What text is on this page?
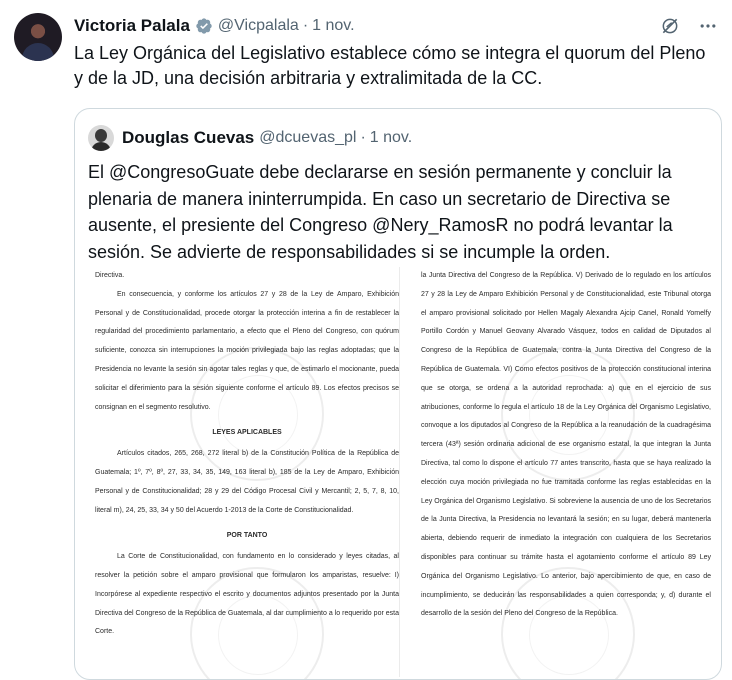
Victoria Palala @Vicpalala · 1 nov.
La Ley Orgánica del Legislativo establece cómo se integra el quorum del Pleno y de la JD, una decisión arbitraria y extralimitada de la CC.
Douglas Cuevas @dcuevas_pl · 1 nov.
El @CongresoGuate debe declararse en sesión permanente y concluir la plenaria de manera ininterrumpida. En caso un secretario de Directiva se ausente, el presiente del Congreso @Nery_RamosR no podrá levantar la sesión. Se advierte de responsabilidades si se incumple la orden.

Directiva.

En consecuencia, y conforme los artículos 27 y 28 de la Ley de Amparo, Exhibición Personal y de Constitucionalidad, procede otorgar la protección interina a fin de restablecer la regularidad del procedimiento parlamentario, a efecto que el Pleno del Congreso, con quórum suficiente, conozca sin interrupciones la moción privilegiada bajo las reglas adoptadas; que la Presidencia no levante la sesión sin agotar tales reglas y que, de estimarlo el mocionante, pueda solicitar el diferimiento para la sesión siguiente conforme el artículo 89. Los efectos precisos se consignan en el segmento resolutivo.

LEYES APLICABLES

Artículos citados, 265, 268, 272 literal b) de la Constitución Política de la República de Guatemala; 1º, 7º, 8º, 27, 33, 34, 35, 149, 163 literal b), 185 de la Ley de Amparo, Exhibición Personal y de Constitucionalidad; 28 y 29 del Código Procesal Civil y Mercantil; 2, 5, 7, 8, 10, literal m), 24, 25, 33, 34 y 50 del Acuerdo 1-2013 de la Corte de Constitucionalidad.

POR TANTO

La Corte de Constitucionalidad, con fundamento en lo considerado y leyes citadas, al resolver la petición sobre el amparo provisional que formularon los amparistas, resuelve: I) Incorpórese al expediente respectivo el escrito y documentos adjuntos presentado por la Junta Directiva del Congreso de la República de Guatemala, al dar cumplimiento a lo requerido por esta Corte.

la Junta Directiva del Congreso de la República. V) Derivado de lo regulado en los artículos 27 y 28 la Ley de Amparo Exhibición Personal y de Constitucionalidad, este Tribunal otorga el amparo provisional solicitado por Hellen Magaly Alexandra Ajcip Canel, Ronald Yomelfy Portillo Cordón y Manuel Geovany Alvarado Vásquez, todos en calidad de Diputados al Congreso de la República de Guatemala, contra la Junta Directiva del Congreso de la República de Guatemala. VI) Como efectos positivos de la protección constitucional interina que se otorga, se ordena a la autoridad reprochada: a) que en el ejercicio de sus atribuciones, conforme lo regula el artículo 18 de la Ley Orgánica del Organismo Legislativo, convoque a los diputados al Congreso de la República a la reanudación de la cuadragésima tercera (43ª) sesión ordinaria adicional de ese organismo estatal, la que integran la Junta Directiva, tal como lo dispone el artículo 77 antes transcrito, hasta que se haya realizado la elección cuya moción privilegiada no fue tramitada conforme las reglas establecidas en la Ley Orgánica del Organismo Legislativo. Si sobreviene la ausencia de uno de los Secretarios de la Junta Directiva, la Presidencia no levantará la sesión; en su lugar, deberá mantenerla abierta, debiendo requerir de inmediato la integración con cualquiera de los Secretarios disponibles para continuar su trámite hasta el agotamiento conforme el artículo 89 Ley Orgánica del Organismo Legislativo. Lo anterior, bajo apercibimiento de que, en caso de incumplimiento, se deducirán las responsabilidades a quien corresponda; y, d) durante el desarrollo de la sesión del Pleno del Congreso de la República.
